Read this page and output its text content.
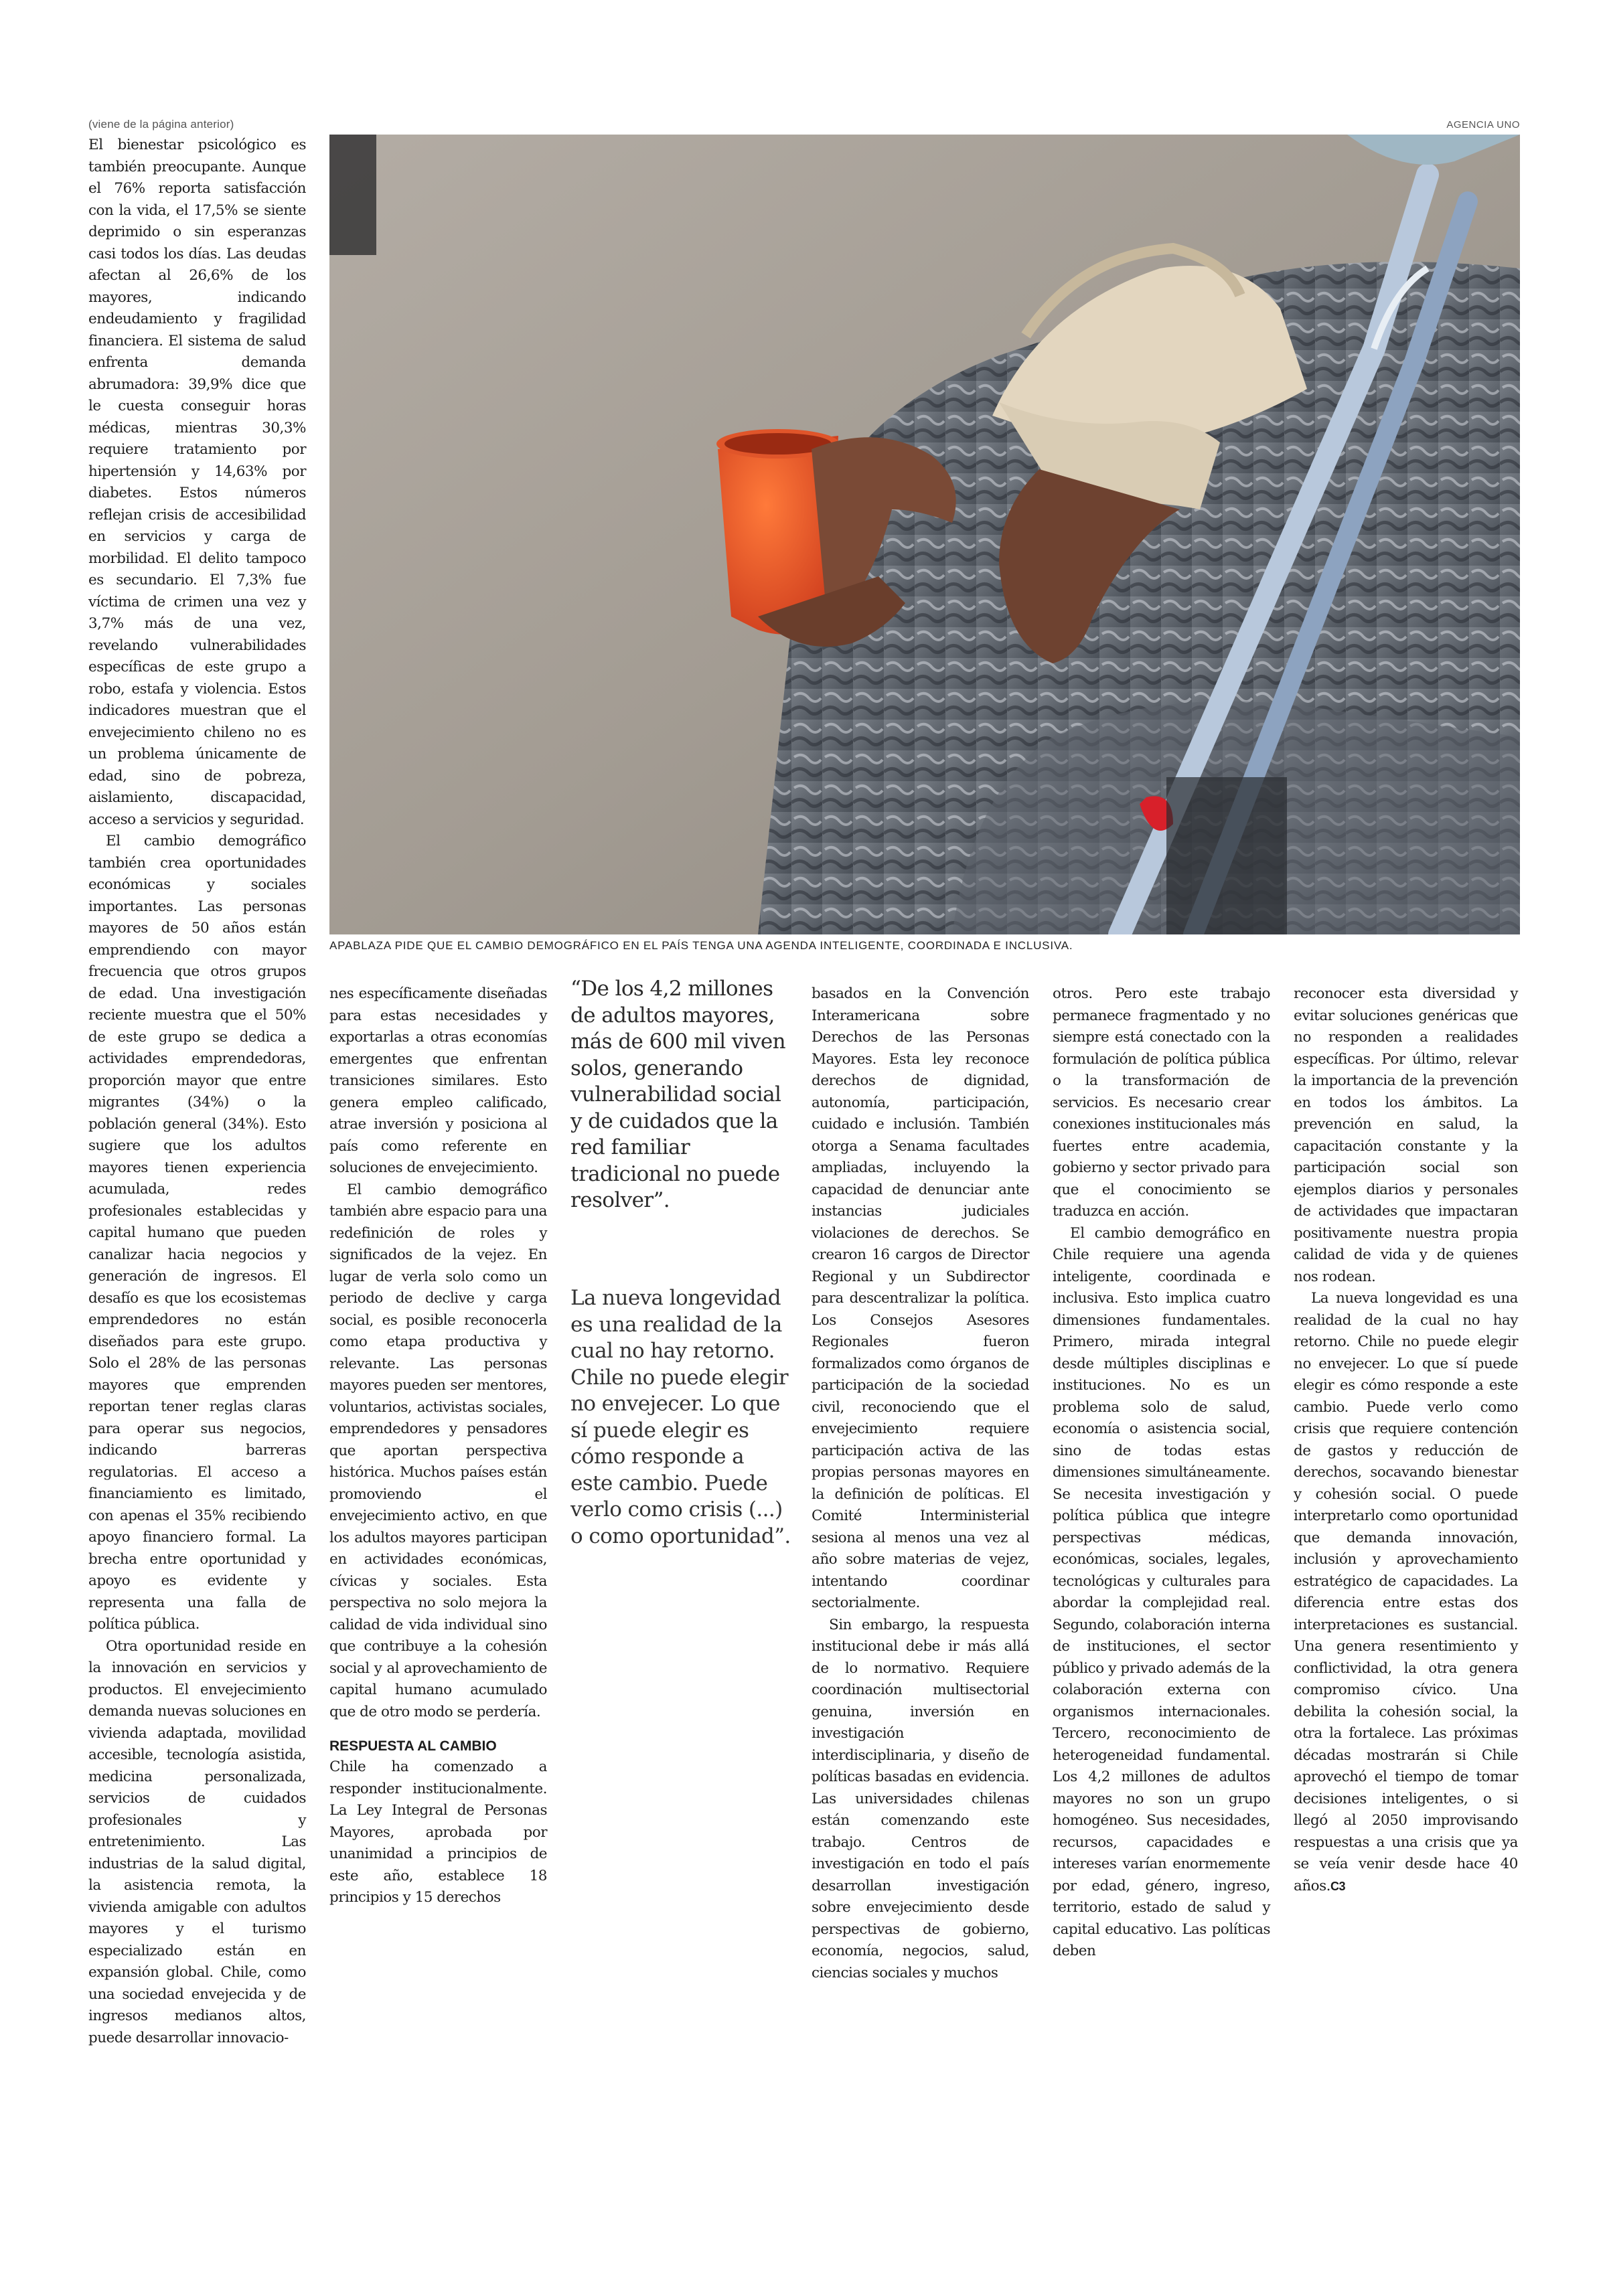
(viene de la página anterior)	AGENCIA UNO
APABLAZA PIDE QUE EL CAMBIO DEMOGRÁFICO EN EL PAÍS TENGA UNA AGENDA INTELIGENTE, COORDINADA E INCLUSIVA.

El bienestar psicológico es también preocupante. Aunque el 76% reporta satisfacción con la vida, el 17,5% se siente deprimido o sin esperanzas casi todos los días. Las deudas afectan al 26,6% de los mayores, indicando endeudamiento y fragilidad financiera. El sistema de salud enfrenta demanda abrumadora: 39,9% dice que le cuesta conseguir horas médicas, mientras 30,3% requiere tratamiento por hipertensión y 14,63% por diabetes. Estos números reflejan crisis de accesibilidad en servicios y carga de morbilidad. El delito tampoco es secundario. El 7,3% fue víctima de crimen una vez y 3,7% más de una vez, revelando vulnerabilidades específicas de este grupo a robo, estafa y violencia. Estos indicadores muestran que el envejecimiento chileno no es un problema únicamente de edad, sino de pobreza, aislamiento, discapacidad, acceso a servicios y seguridad.

El cambio demográfico también crea oportunidades económicas y sociales importantes. Las personas mayores de 50 años están emprendiendo con mayor frecuencia que otros grupos de edad. Una investigación reciente muestra que el 50% de este grupo se dedica a actividades emprendedoras, proporción mayor que entre migrantes (34%) o la población general (34%). Esto sugiere que los adultos mayores tienen experiencia acumulada, redes profesionales establecidas y capital humano que pueden canalizar hacia negocios y generación de ingresos. El desafío es que los ecosistemas emprendedores no están diseñados para este grupo. Solo el 28% de las personas mayores que emprenden reportan tener reglas claras para operar sus negocios, indicando barreras regulatorias. El acceso a financiamiento es limitado, con apenas el 35% recibiendo apoyo financiero formal. La brecha entre oportunidad y apoyo es evidente y representa una falla de política pública.

Otra oportunidad reside en la innovación en servicios y productos. El envejecimiento demanda nuevas soluciones en vivienda adaptada, movilidad accesible, tecnología asistida, medicina personalizada, servicios de cuidados profesionales y entretenimiento. Las industrias de la salud digital, la asistencia remota, la vivienda amigable con adultos mayores y el turismo especializado están en expansión global. Chile, como una sociedad envejecida y de ingresos medianos altos, puede desarrollar innovacio-

nes específicamente diseñadas para estas necesidades y exportarlas a otras economías emergentes que enfrentan transiciones similares. Esto genera empleo calificado, atrae inversión y posiciona al país como referente en soluciones de envejecimiento.

El cambio demográfico también abre espacio para una redefinición de roles y significados de la vejez. En lugar de verla solo como un periodo de declive y carga social, es posible reconocerla como etapa productiva y relevante. Las personas mayores pueden ser mentores, voluntarios, activistas sociales, emprendedores y pensadores que aportan perspectiva histórica. Muchos países están promoviendo el envejecimiento activo, en que los adultos mayores participan en actividades económicas, cívicas y sociales. Esta perspectiva no solo mejora la calidad de vida individual sino que contribuye a la cohesión social y al aprovechamiento de capital humano acumulado que de otro modo se perdería.

RESPUESTA AL CAMBIO

Chile ha comenzado a responder institucionalmente. La Ley Integral de Personas Mayores, aprobada por unanimidad a principios de este año, establece 18 principios y 15 derechos

“De los 4,2 millones de adultos mayores, más de 600 mil viven solos, generando vulnerabilidad social y de cuidados que la red familiar tradicional no puede resolver”.
La nueva longevidad es una realidad de la cual no hay retorno. Chile no puede elegir no envejecer. Lo que sí puede elegir es cómo responde a este cambio. Puede verlo como crisis (...) o como oportunidad”.

basados en la Convención Interamericana sobre Derechos de las Personas Mayores. Esta ley reconoce derechos de dignidad, autonomía, participación, cuidado e inclusión. También otorga a Senama facultades ampliadas, incluyendo la capacidad de denunciar ante instancias judiciales violaciones de derechos. Se crearon 16 cargos de Director Regional y un Subdirector para descentralizar la política. Los Consejos Asesores Regionales fueron formalizados como órganos de participación de la sociedad civil, reconociendo que el envejecimiento requiere participación activa de las propias personas mayores en la definición de políticas. El Comité Interministerial sesiona al menos una vez al año sobre materias de vejez, intentando coordinar sectorialmente.

Sin embargo, la respuesta institucional debe ir más allá de lo normativo. Requiere coordinación multisectorial genuina, inversión en investigación interdisciplinaria, y diseño de políticas basadas en evidencia. Las universidades chilenas están comenzando este trabajo. Centros de investigación en todo el país desarrollan investigación sobre envejecimiento desde perspectivas de gobierno, economía, negocios, salud, ciencias sociales y muchos

otros. Pero este trabajo permanece fragmentado y no siempre está conectado con la formulación de política pública o la transformación de servicios. Es necesario crear conexiones institucionales más fuertes entre academia, gobierno y sector privado para que el conocimiento se traduzca en acción.

El cambio demográfico en Chile requiere una agenda inteligente, coordinada e inclusiva. Esto implica cuatro dimensiones fundamentales. Primero, mirada integral desde múltiples disciplinas e instituciones. No es un problema solo de salud, economía o asistencia social, sino de todas estas dimensiones simultáneamente. Se necesita investigación y política pública que integre perspectivas médicas, económicas, sociales, legales, tecnológicas y culturales para abordar la complejidad real. Segundo, colaboración interna de instituciones, el sector público y privado además de la colaboración externa con organismos internacionales. Tercero, reconocimiento de heterogeneidad fundamental. Los 4,2 millones de adultos mayores no son un grupo homogéneo. Sus necesidades, recursos, capacidades e intereses varían enormemente por edad, género, ingreso, territorio, estado de salud y capital educativo. Las políticas deben

reconocer esta diversidad y evitar soluciones genéricas que no responden a realidades específicas. Por último, relevar la importancia de la prevención en todos los ámbitos. La prevención en salud, la capacitación constante y la participación social son ejemplos diarios y personales de actividades que impactaran positivamente nuestra propia calidad de vida y de quienes nos rodean.

La nueva longevidad es una realidad de la cual no hay retorno. Chile no puede elegir no envejecer. Lo que sí puede elegir es cómo responde a este cambio. Puede verlo como crisis que requiere contención de gastos y reducción de derechos, socavando bienestar y cohesión social. O puede interpretarlo como oportunidad que demanda innovación, inclusión y aprovechamiento estratégico de capacidades. La diferencia entre estas dos interpretaciones es sustancial. Una genera resentimiento y conflictividad, la otra genera compromiso cívico. Una debilita la cohesión social, la otra la fortalece. Las próximas décadas mostrarán si Chile aprovechó el tiempo de tomar decisiones inteligentes, o si llegó al 2050 improvisando respuestas a una crisis que ya se veía venir desde hace 40 años.C3
